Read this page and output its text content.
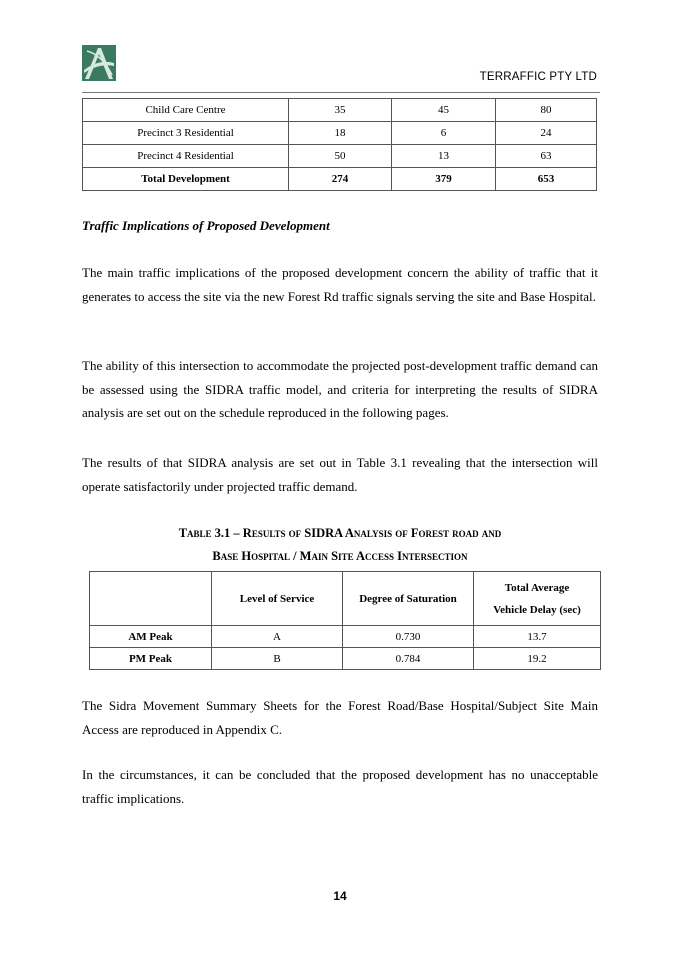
TERRAFFIC PTY LTD
Child Care Centre	35	45	80
Precinct 3 Residential	18	6	24
Precinct 4 Residential	50	13	63
Total Development	274	379	653
Traffic Implications of Proposed Development

The main traffic implications of the proposed development concern the ability of traffic that it generates to access the site via the new Forest Rd traffic signals serving the site and Base Hospital.

The ability of this intersection to accommodate the projected post-development traffic demand can be assessed using the SIDRA traffic model, and criteria for interpreting the results of SIDRA analysis are set out on the schedule reproduced in the following pages.

The results of that SIDRA analysis are set out in Table 3.1 revealing that the intersection will operate satisfactorily under projected traffic demand.

Table 3.1 – Results of SIDRA Analysis of Forest road and
Base Hospital / Main Site Access Intersection
	Level of Service	Degree of Saturation	Total Average
Vehicle Delay (sec)

AM Peak	A	0.730	13.7
PM Peak	B	0.784	19.2

The Sidra Movement Summary Sheets for the Forest Road/Base Hospital/Subject Site Main Access are reproduced in Appendix C.

In the circumstances, it can be concluded that the proposed development has no unacceptable traffic implications.

14
